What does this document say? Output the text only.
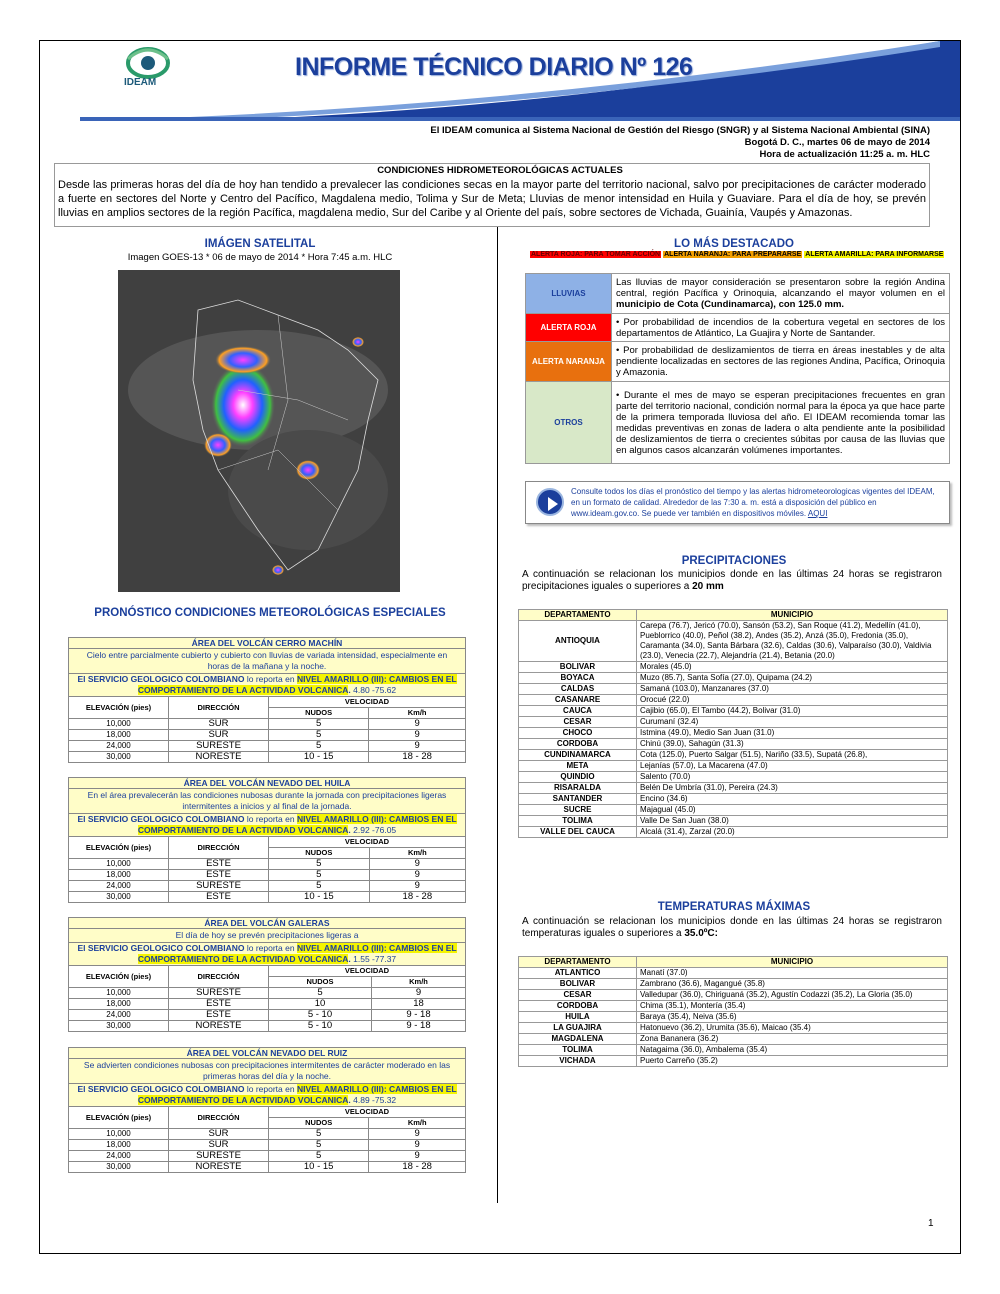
IDEAM
INFORME TÉCNICO DIARIO Nº 126
El IDEAM comunica al Sistema Nacional de Gestión del Riesgo (SNGR) y al Sistema Nacional Ambiental (SINA)
Bogotá D. C., martes 06 de mayo de 2014
Hora de actualización 11:25 a. m. HLC
CONDICIONES HIDROMETEOROLÓGICAS ACTUALES
Desde las primeras horas del día de hoy han tendido a prevalecer las condiciones secas en la mayor parte del territorio nacional, salvo por precipitaciones de carácter moderado a fuerte en sectores del Norte y Centro del Pacífico, Magdalena medio, Tolima y Sur de Meta; Lluvias de menor intensidad en Huila y Guaviare. Para el día de hoy, se prevén lluvias en amplios sectores de la región Pacífica, magdalena medio, Sur del Caribe y al Oriente del país, sobre sectores de Vichada, Guainía, Vaupés y Amazonas.
IMÁGEN SATELITAL
Imagen GOES-13 * 06 de mayo de 2014 * Hora 7:45 a.m. HLC
PRONÓSTICO CONDICIONES METEOROLÓGICAS ESPECIALES
ÁREA DEL VOLCÁN CERRO MACHÍN			
Cielo entre parcialmente cubierto y cubierto con lluvias de variada intensidad, especialmente en horas de la mañana y la noche.			
El SERVICIO GEOLOGICO COLOMBIANO lo reporta en NIVEL AMARILLO (III): CAMBIOS EN EL
COMPORTAMIENTO DE LA ACTIVIDAD VOLCANICA. 4.80 -75.62			
ELEVACIÓN (pies)	DIRECCIÓN	VELOCIDAD	
		NUDOS	Km/h
10,000	SUR	5	9
18,000	SUR	5	9
24,000	SURESTE	5	9
30,000	NORESTE	10 - 15	18 - 28
ÁREA DEL VOLCÁN NEVADO DEL HUILA			
En el área prevalecerán las condiciones nubosas durante la jornada con precipitaciones ligeras intermitentes a inicios y al final de la jornada.			
El SERVICIO GEOLOGICO COLOMBIANO lo reporta en NIVEL AMARILLO (III): CAMBIOS EN EL
COMPORTAMIENTO DE LA ACTIVIDAD VOLCANICA. 2.92 -76.05			
ELEVACIÓN (pies)	DIRECCIÓN	VELOCIDAD	
		NUDOS	Km/h
10,000	ESTE	5	9
18,000	ESTE	5	9
24,000	SURESTE	5	9
30,000	ESTE	10 - 15	18 - 28
ÁREA DEL VOLCÁN GALERAS			
El día de hoy se prevén precipitaciones ligeras a			
El SERVICIO GEOLOGICO COLOMBIANO lo reporta en NIVEL AMARILLO (III): CAMBIOS EN EL
COMPORTAMIENTO DE LA ACTIVIDAD VOLCANICA. 1.55 -77.37			
ELEVACIÓN (pies)	DIRECCIÓN	VELOCIDAD	
		NUDOS	Km/h
10,000	SURESTE	5	9
18,000	ESTE	10	18
24,000	ESTE	5 - 10	9 - 18
30,000	NORESTE	5 - 10	9 - 18
ÁREA DEL VOLCÁN NEVADO DEL RUIZ			
Se advierten condiciones nubosas con precipitaciones intermitentes de carácter moderado en las primeras horas del día y la noche.			
El SERVICIO GEOLOGICO COLOMBIANO lo reporta en NIVEL AMARILLO (III): CAMBIOS EN EL
COMPORTAMIENTO DE LA ACTIVIDAD VOLCANICA. 4.89 -75.32			
ELEVACIÓN (pies)	DIRECCIÓN	VELOCIDAD	
		NUDOS	Km/h
10,000	SUR	5	9
18,000	SUR	5	9
24,000	SURESTE	5	9
30,000	NORESTE	10 - 15	18 - 28
LO MÁS DESTACADO
ALERTA ROJA: PARA TOMAR ACCIÓN ALERTA NARANJA: PARA PREPARARSE ALERTA AMARILLA: PARA INFORMARSE
LLUVIAS	Las lluvias de mayor consideración se presentaron sobre la región Andina central, región Pacífica y Orinoquia, alcanzando el mayor volumen en el municipio de Cota (Cundinamarca), con 125.0 mm.
ALERTA ROJA	• Por probabilidad de incendios de la cobertura vegetal en sectores de los departamentos de Atlántico, La Guajira y Norte de Santander.
ALERTA NARANJA	• Por probabilidad de deslizamientos de tierra en áreas inestables y de alta pendiente localizadas en sectores de las regiones Andina, Pacífica, Orinoquia y Amazonia.
OTROS	• Durante el mes de mayo se esperan precipitaciones frecuentes en gran parte del territorio nacional, condición normal para la época ya que hace parte de la primera temporada lluviosa del año. El IDEAM recomienda tomar las medidas preventivas en zonas de ladera o alta pendiente ante la posibilidad de deslizamientos de tierra o crecientes súbitas por causa de las lluvias que en algunos casos alcanzarán volúmenes importantes.
Consulte todos los días el pronóstico del tiempo y las alertas hidrometeorologicas vigentes del IDEAM, en un formato de calidad. Alrededor de las 7:30 a. m. está a disposición del público en www.ideam.gov.co. Se puede ver también en dispositivos móviles. AQUI
PRECIPITACIONES
A continuación se relacionan los municipios donde en las últimas 24 horas se registraron precipitaciones iguales o superiores a 20 mm
DEPARTAMENTO	MUNICIPIO
ANTIOQUIA	Carepa (76.7), Jericó (70.0), Sansón (53.2), San Roque (41.2), Medellín (41.0), Pueblorrico (40.0), Peñol (38.2), Andes (35.2), Anzá (35.0), Fredonia (35.0), Caramanta (34.0), Santa Bárbara (32.6), Caldas (30.6), Valparaíso (30.0), Valdivia (23.0), Venecia (22.7), Alejandría (21.4), Betania (20.0)
BOLIVAR	Morales (45.0)
BOYACA	Muzo (85.7), Santa Sofía (27.0), Quipama (24.2)
CALDAS	Samaná (103.0), Manzanares (37.0)
CASANARE	Orocué (22.0)
CAUCA	Cajibio (65.0), El Tambo (44.2), Bolivar (31.0)
CESAR	Curumaní (32.4)
CHOCO	Istmina (49.0), Medio San Juan (31.0)
CORDOBA	Chinú (39.0), Sahagún (31.3)
CUNDINAMARCA	Cota (125.0), Puerto Salgar (51.5), Nariño (33.5), Supatá (26.8),
META	Lejanías (57.0), La Macarena (47.0)
QUINDIO	Salento (70.0)
RISARALDA	Belén De Umbría (31.0), Pereira (24.3)
SANTANDER	Encino (34.6)
SUCRE	Majagual (45.0)
TOLIMA	Valle De San Juan (38.0)
VALLE DEL CAUCA	Alcalá (31.4), Zarzal (20.0)
TEMPERATURAS MÁXIMAS
A continuación se relacionan los municipios donde en las últimas 24 horas se registraron temperaturas iguales o superiores a 35.0ºC:
DEPARTAMENTO	MUNICIPIO
ATLANTICO	Manatí (37.0)
BOLIVAR	Zambrano (36.6), Magangué (35.8)
CESAR	Valledupar (36.0), Chiriguaná (35.2), Agustín Codazzi (35.2), La Gloria (35.0)
CORDOBA	Chima (35.1), Montería (35.4)
HUILA	Baraya (35.4), Neiva (35.6)
LA GUAJIRA	Hatonuevo (36.2), Urumita (35.6), Maicao (35.4)
MAGDALENA	Zona Bananera (36.2)
TOLIMA	Natagaima (36.0), Ambalema (35.4)
VICHADA	Puerto Carreño (35.2)
1
